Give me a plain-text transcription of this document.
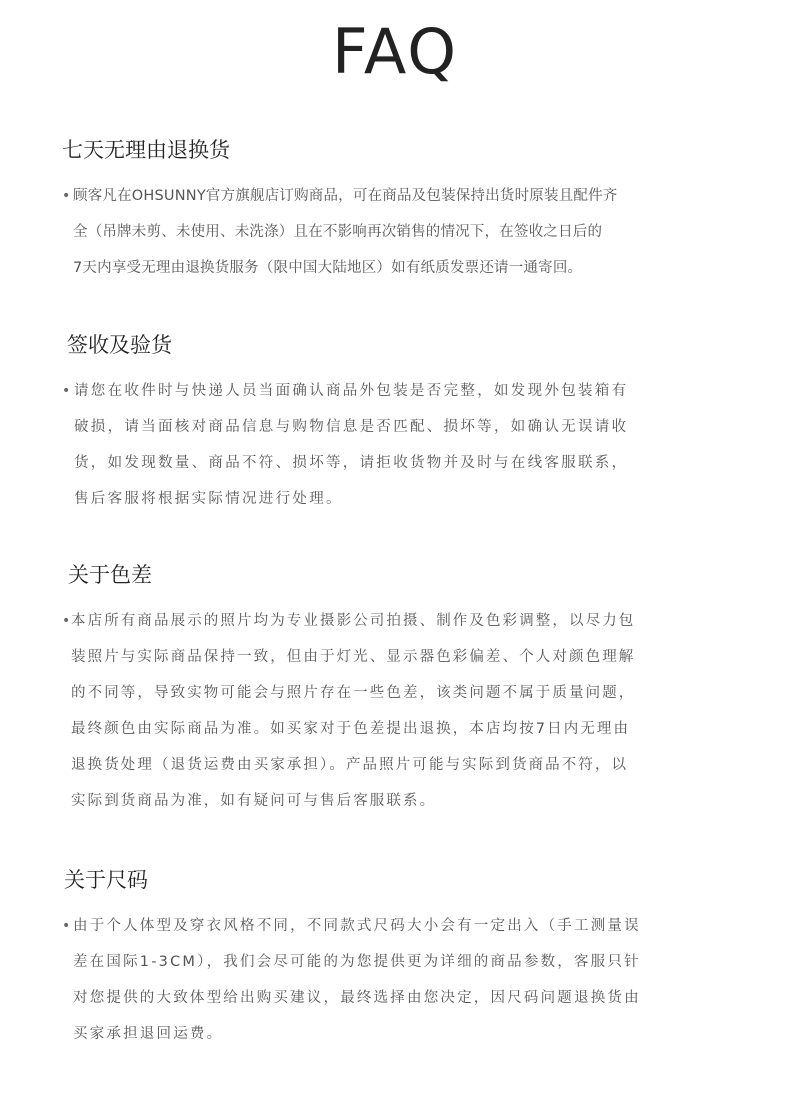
FAQ
七天无理由退换货
• 顾客凡在OHSUNNY官方旗舰店订购商品，可在商品及包装保持出货时原装且配件齐
全（吊牌未剪、未使用、未洗涤）且在不影响再次销售的情况下，在签收之日后的
7天内享受无理由退换货服务（限中国大陆地区）如有纸质发票还请一通寄回。

签收及验货
• 请您在收件时与快递人员当面确认商品外包装是否完整，如发现外包装箱有
破损，请当面核对商品信息与购物信息是否匹配、损坏等，如确认无误请收
货，如发现数量、商品不符、损坏等，请拒收货物并及时与在线客服联系，
售后客服将根据实际情况进行处理。

关于色差
• 本店所有商品展示的照片均为专业摄影公司拍摄、制作及色彩调整，以尽力包
装照片与实际商品保持一致，但由于灯光、显示器色彩偏差、个人对颜色理解
的不同等，导致实物可能会与照片存在一些色差，该类问题不属于质量问题，
最终颜色由实际商品为准。如买家对于色差提出退换，本店均按7日内无理由
退换货处理（退货运费由买家承担）。产品照片可能与实际到货商品不符，以
实际到货商品为准，如有疑问可与售后客服联系。

关于尺码
• 由于个人体型及穿衣风格不同，不同款式尺码大小会有一定出入（手工测量误
差在国际1-3CM），我们会尽可能的为您提供更为详细的商品参数，客服只针
对您提供的大致体型给出购买建议，最终选择由您决定，因尺码问题退换货由
买家承担退回运费。
